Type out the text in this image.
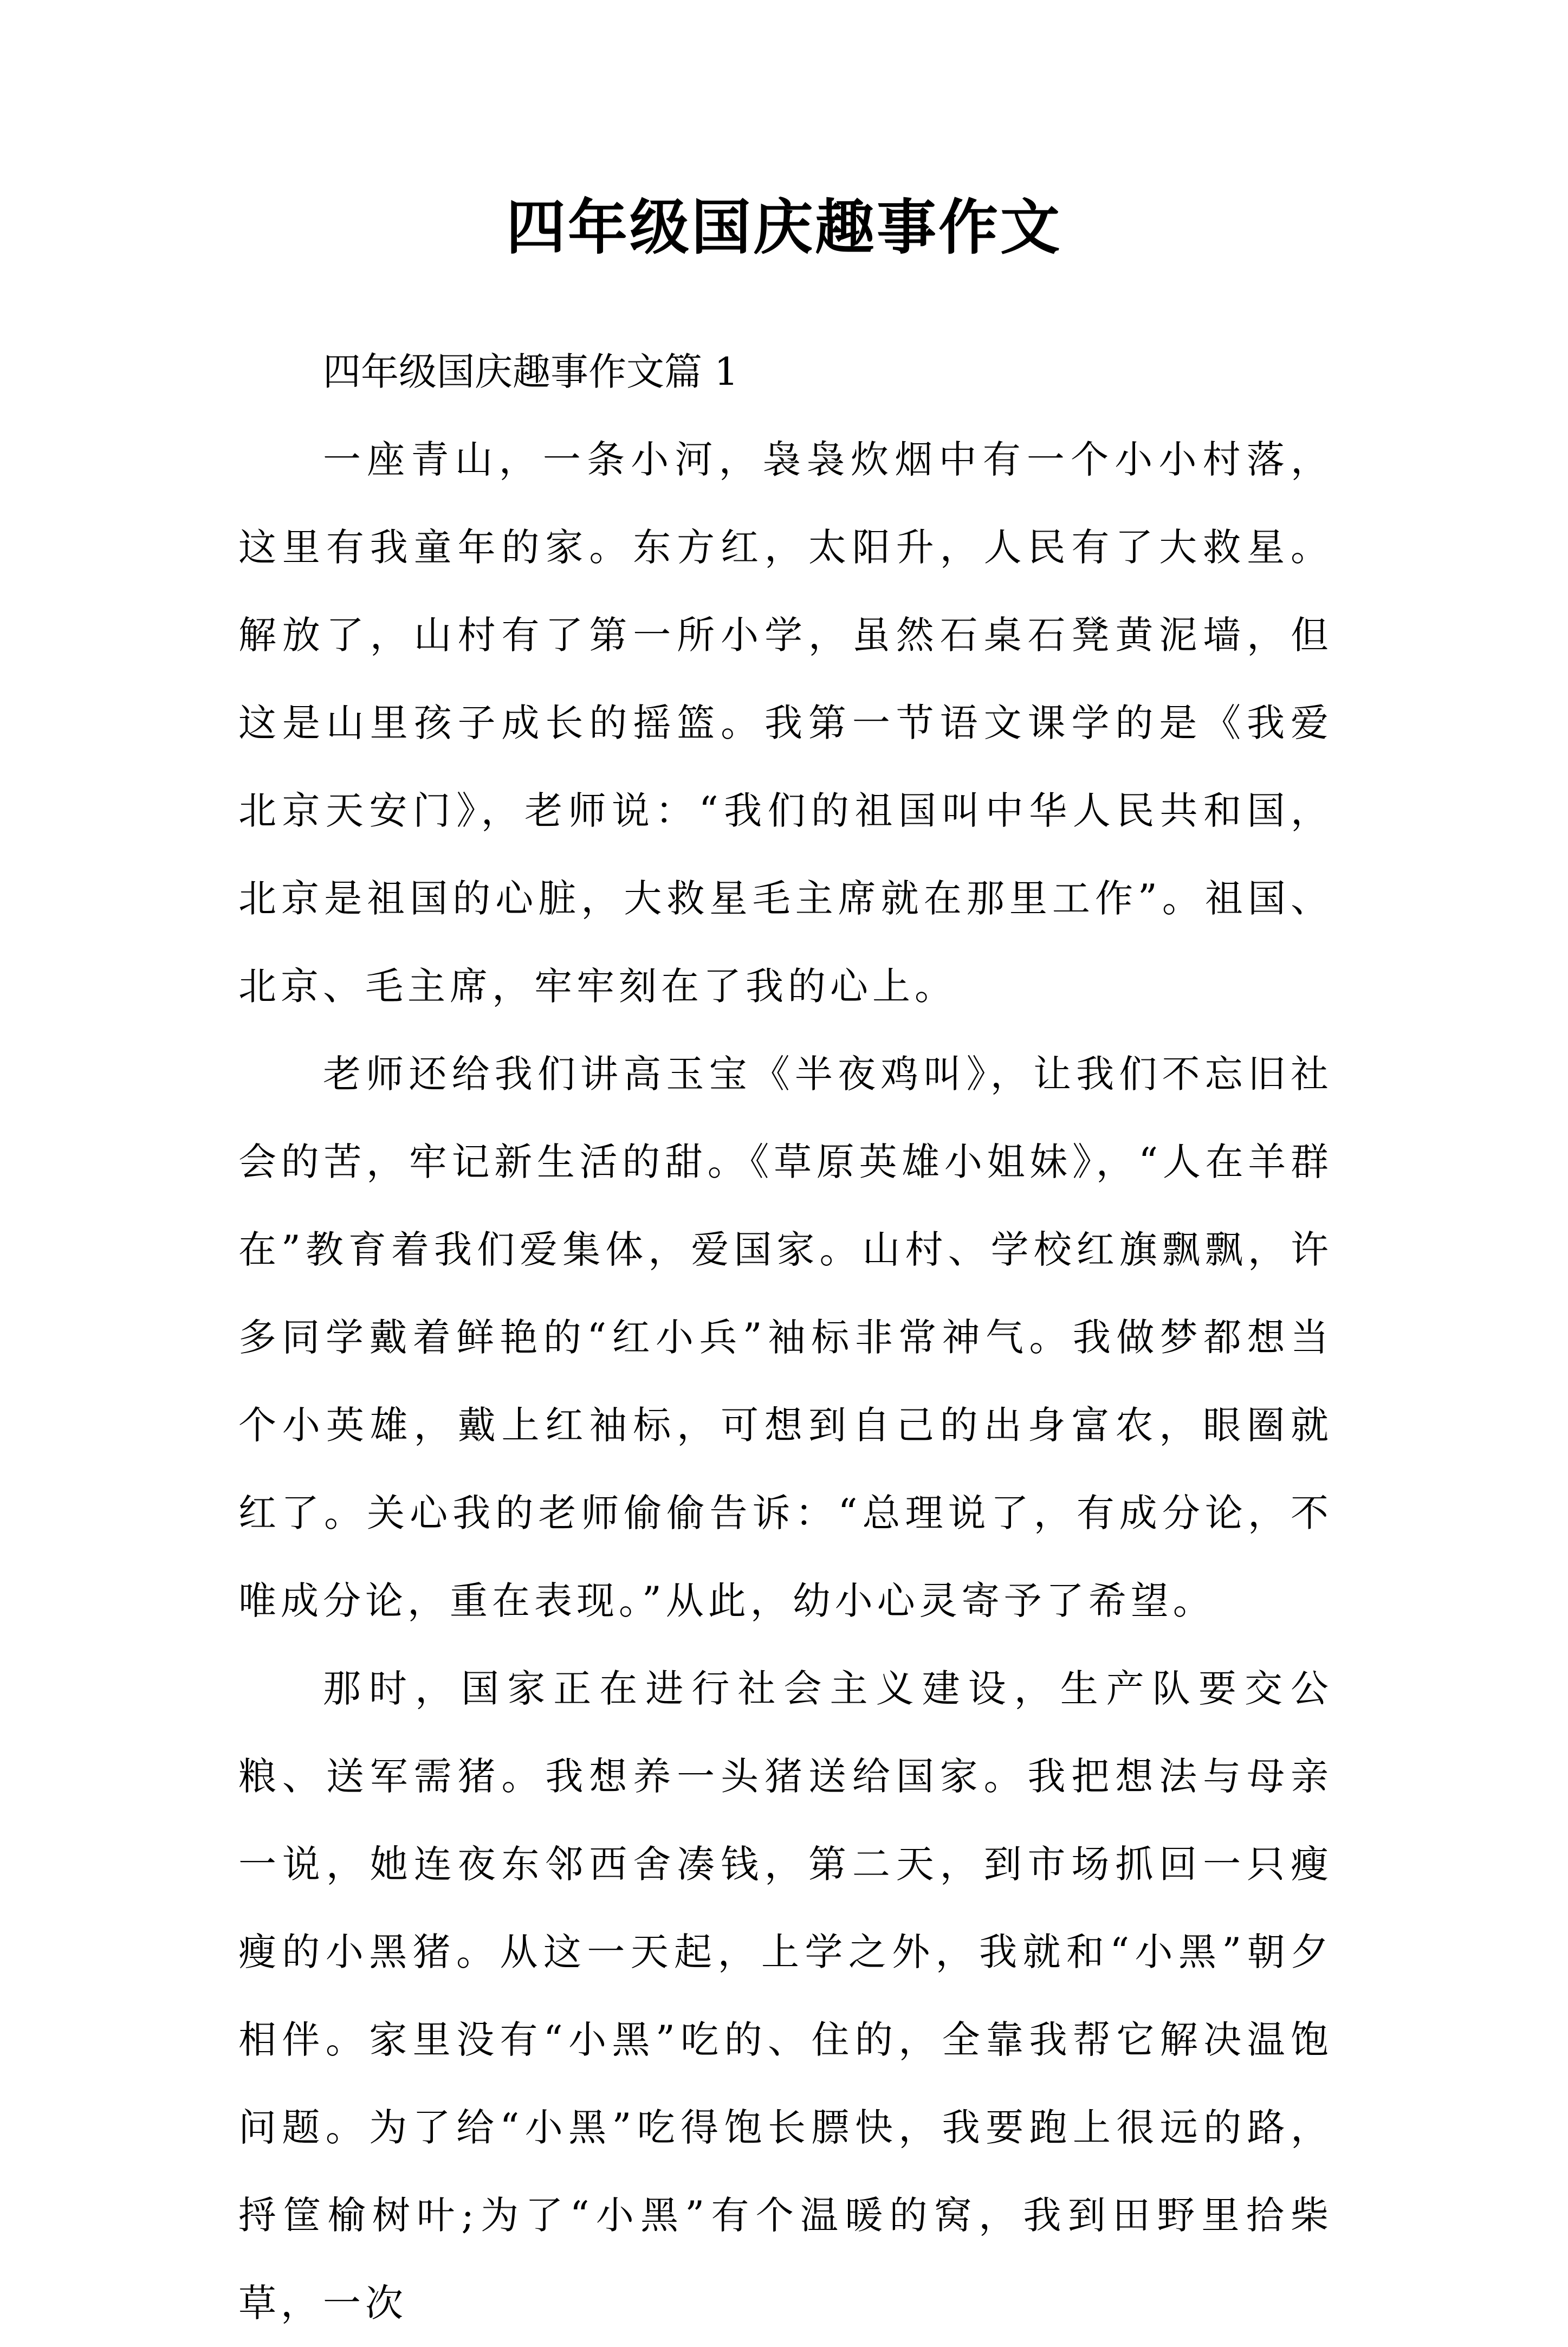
四年级国庆趣事作文

四年级国庆趣事作文篇 1

一座青山，一条小河，袅袅炊烟中有一个小小村落，这里有我童年的家。东方红，太阳升，人民有了大救星。解放了，山村有了第一所小学，虽然石桌石凳黄泥墙，但这是山里孩子成长的摇篮。我第一节语文课学的是《我爱北京天安门》，老师说：“我们的祖国叫中华人民共和国，北京是祖国的心脏，大救星毛主席就在那里工作”。祖国、北京、毛主席，牢牢刻在了我的心上。

老师还给我们讲高玉宝《半夜鸡叫》，让我们不忘旧社会的苦，牢记新生活的甜。《草原英雄小姐妹》，“人在羊群在”教育着我们爱集体，爱国家。山村、学校红旗飘飘，许多同学戴着鲜艳的“红小兵”袖标非常神气。我做梦都想当个小英雄，戴上红袖标，可想到自己的出身富农，眼圈就红了。关心我的老师偷偷告诉：“总理说了，有成分论，不唯成分论，重在表现。”从此，幼小心灵寄予了希望。

那时，国家正在进行社会主义建设，生产队要交公粮、送军需猪。我想养一头猪送给国家。我把想法与母亲一说，她连夜东邻西舍凑钱，第二天，到市场抓回一只瘦瘦的小黑猪。从这一天起，上学之外，我就和“小黑”朝夕相伴。家里没有“小黑”吃的、住的，全靠我帮它解决温饱问题。为了给“小黑”吃得饱长膘快，我要跑上很远的路，捋筐榆树叶;为了“小黑”有个温暖的窝，我到田野里拾柴草，一次
